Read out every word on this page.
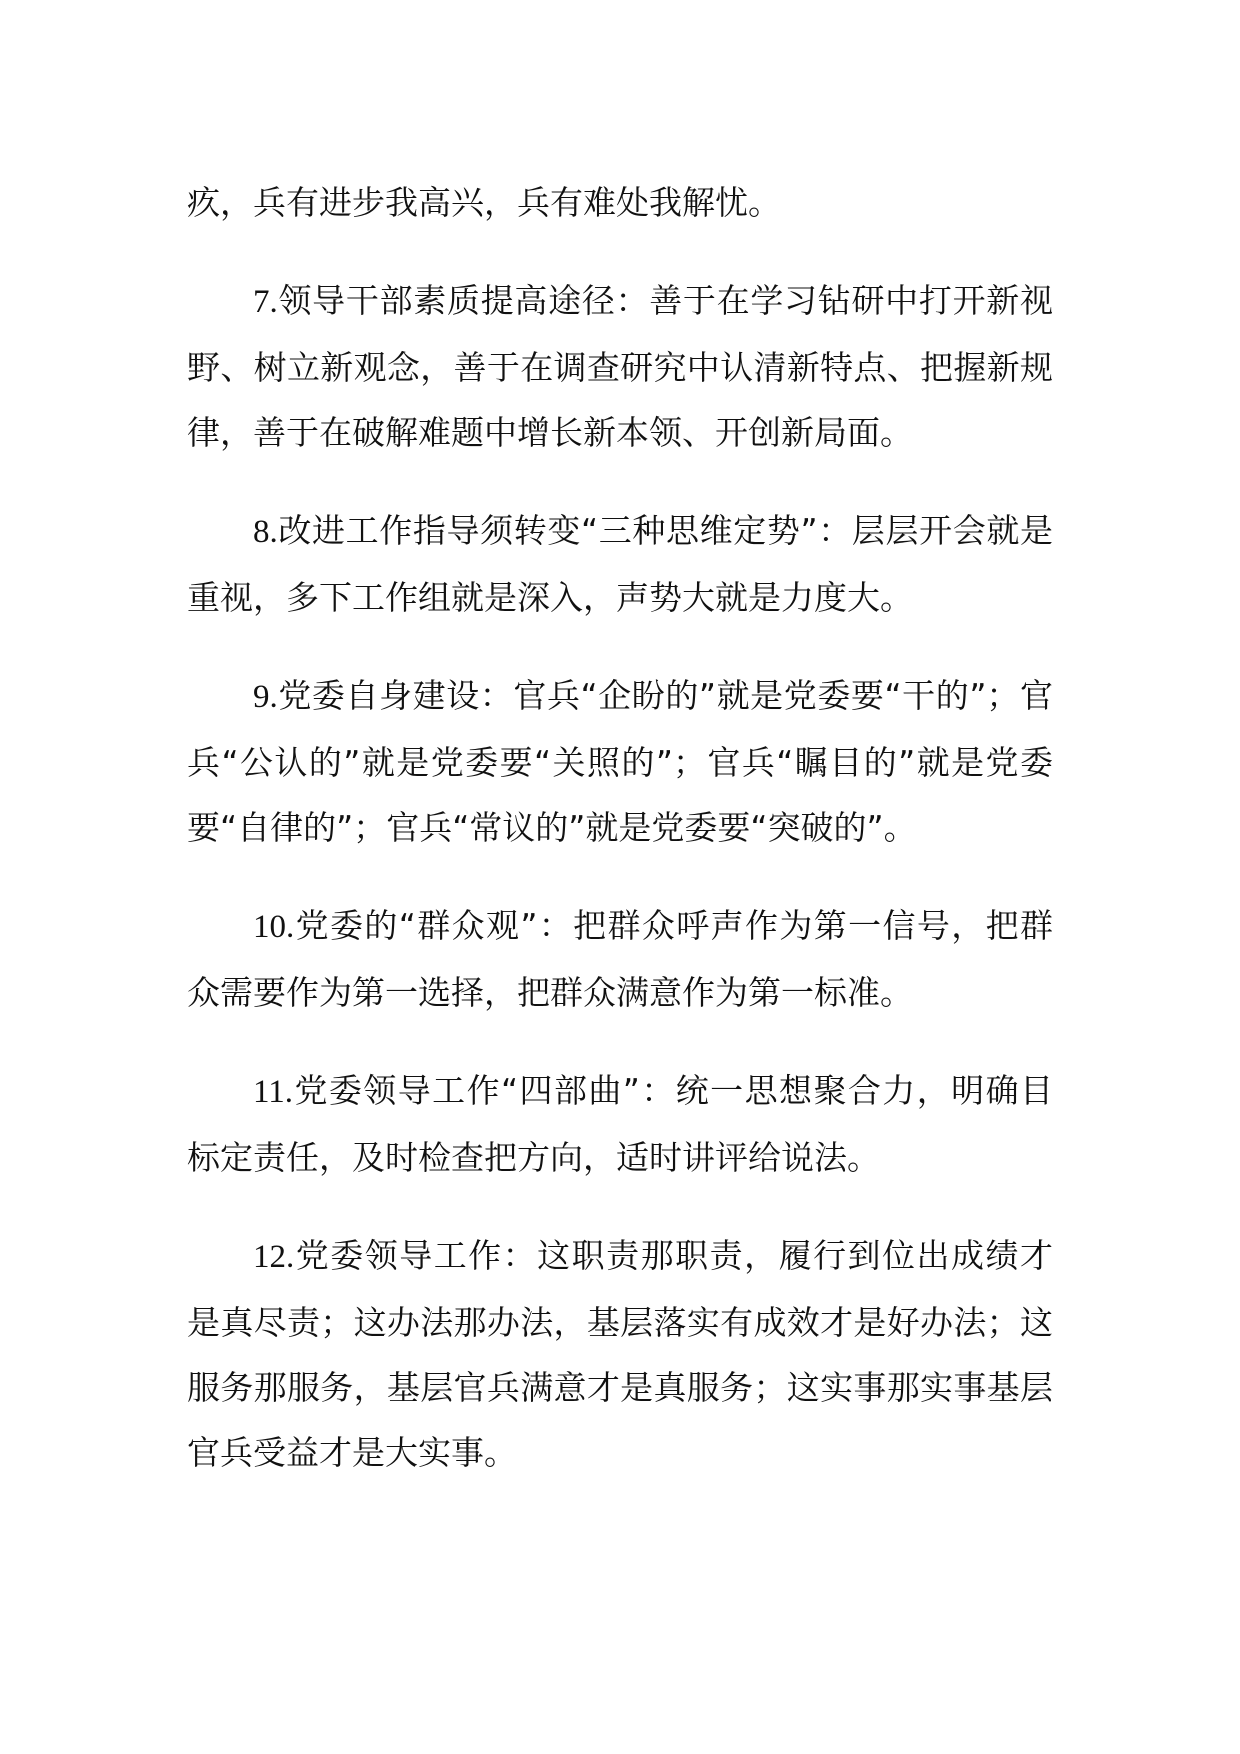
疚，兵有进步我高兴，兵有难处我解忧。

7.领导干部素质提高途径：善于在学习钻研中打开新视野、树立新观念，善于在调查研究中认清新特点、把握新规律，善于在破解难题中增长新本领、开创新局面。

8.改进工作指导须转变“三种思维定势”：层层开会就是重视，多下工作组就是深入，声势大就是力度大。

9.党委自身建设：官兵“企盼的”就是党委要“干的”；官兵“公认的”就是党委要“关照的”；官兵“瞩目的”就是党委要“自律的”；官兵“常议的”就是党委要“突破的”。

10.党委的“群众观”：把群众呼声作为第一信号，把群众需要作为第一选择，把群众满意作为第一标准。

11.党委领导工作“四部曲”：统一思想聚合力，明确目标定责任，及时检查把方向，适时讲评给说法。

12.党委领导工作：这职责那职责，履行到位出成绩才是真尽责；这办法那办法，基层落实有成效才是好办法；这服务那服务，基层官兵满意才是真服务；这实事那实事基层官兵受益才是大实事。
